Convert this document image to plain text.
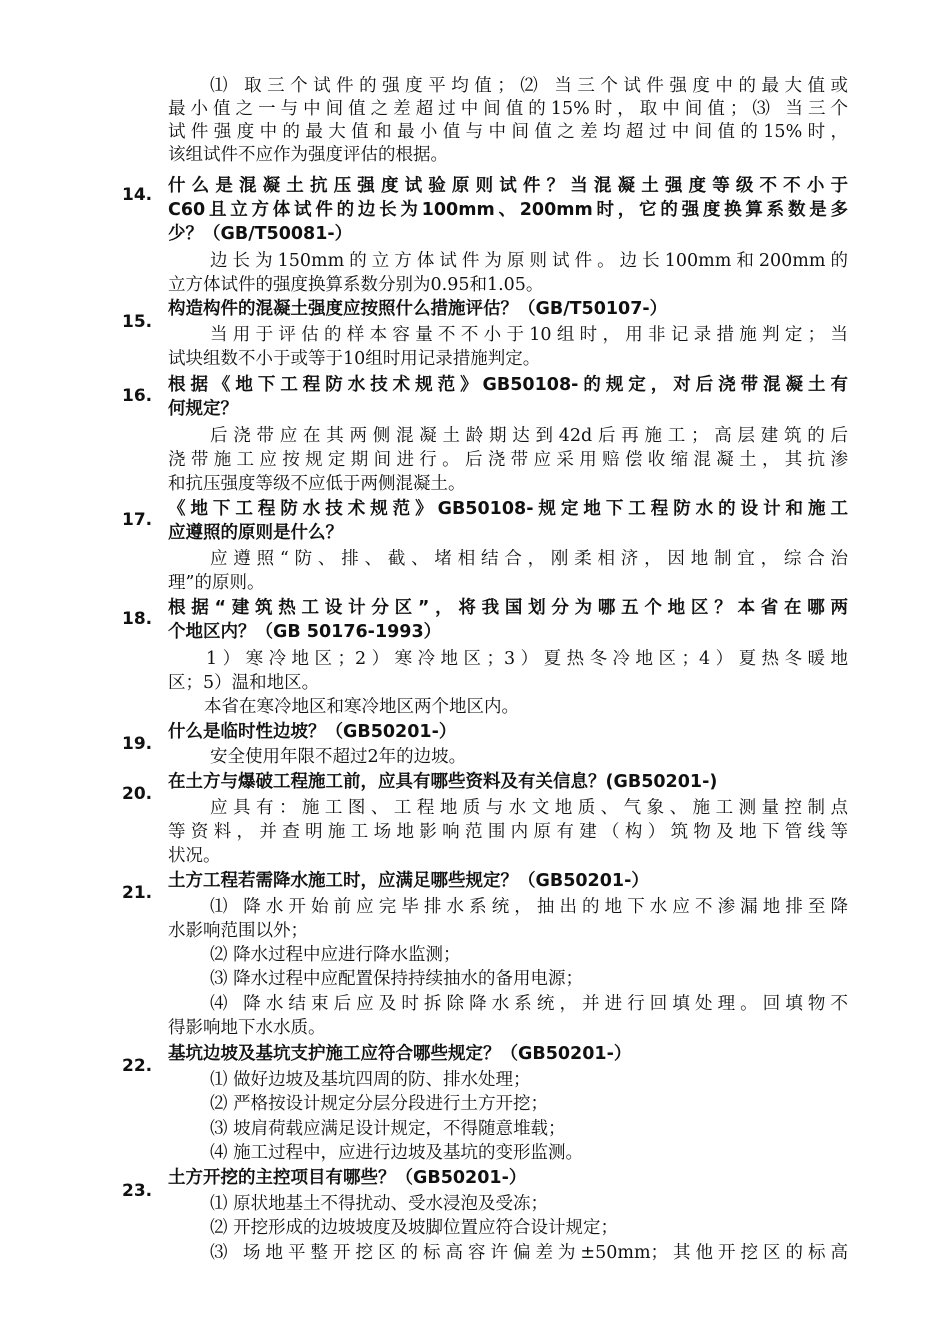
⑴ 取三个试件的强度平均值；⑵ 当三个试件强度中的最大值或
最小值之一与中间值之差超过中间值的15%时，取中间值；⑶ 当三个
试件强度中的最大值和最小值与中间值之差均超过中间值的15%时，
该组试件不应作为强度评估的根据。
14. 什么是混凝土抗压强度试验原则试件？当混凝土强度等级不不小于
C60且立方体试件的边长为100mm、200mm时，它的强度换算系数是多
少？（GB/T50081-）
边长为150mm的立方体试件为原则试件。边长100mm和200mm的
立方体试件的强度换算系数分别为0.95和1.05。
15.
构造构件的混凝土强度应按照什么措施评估？（GB/T50107-）
当用于评估的样本容量不不小于10组时，用非记录措施判定；当
试块组数不小于或等于10组时用记录措施判定。
16.
根据《地下工程防水技术规范》GB50108-的规定，对后浇带混凝土有
何规定？
后浇带应在其两侧混凝土龄期达到42d后再施工；高层建筑的后
浇带施工应按规定期间进行。后浇带应采用赔偿收缩混凝土，其抗渗
和抗压强度等级不应低于两侧混凝土。
17.
《地下工程防水技术规范》GB50108-规定地下工程防水的设计和施工
应遵照的原则是什么？
应遵照“防、排、截、堵相结合，刚柔相济，因地制宜，综合治
理”的原则。
18.
根据“建筑热工设计分区”，将我国划分为哪五个地区？本省在哪两
个地区内？（GB 50176-1993）
1）寒冷地区；2）寒冷地区；3）夏热冬冷地区；4）夏热冬暖地
区；5）温和地区。
本省在寒冷地区和寒冷地区两个地区内。
19.
什么是临时性边坡？（GB50201-）
安全使用年限不超过2年的边坡。
20.
在土方与爆破工程施工前，应具有哪些资料及有关信息？(GB50201-)
应具有：施工图、工程地质与水文地质、气象、施工测量控制点
等资料，并查明施工场地影响范围内原有建（构）筑物及地下管线等
状况。
21.
土方工程若需降水施工时，应满足哪些规定？（GB50201-）
⑴ 降水开始前应完毕排水系统，抽出的地下水应不渗漏地排至降
水影响范围以外；
⑵ 降水过程中应进行降水监测；
⑶ 降水过程中应配置保持持续抽水的备用电源；
⑷ 降水结束后应及时拆除降水系统，并进行回填处理。回填物不
得影响地下水水质。
22.
基坑边坡及基坑支护施工应符合哪些规定？（GB50201-）
⑴ 做好边坡及基坑四周的防、排水处理；
⑵ 严格按设计规定分层分段进行土方开挖；
⑶ 坡肩荷载应满足设计规定，不得随意堆载；
⑷ 施工过程中，应进行边坡及基坑的变形监测。
23.
土方开挖的主控项目有哪些？（GB50201-）
⑴ 原状地基土不得扰动、受水浸泡及受冻；
⑵ 开挖形成的边坡坡度及坡脚位置应符合设计规定；
⑶ 场地平整开挖区的标高容许偏差为±50mm；其他开挖区的标高
